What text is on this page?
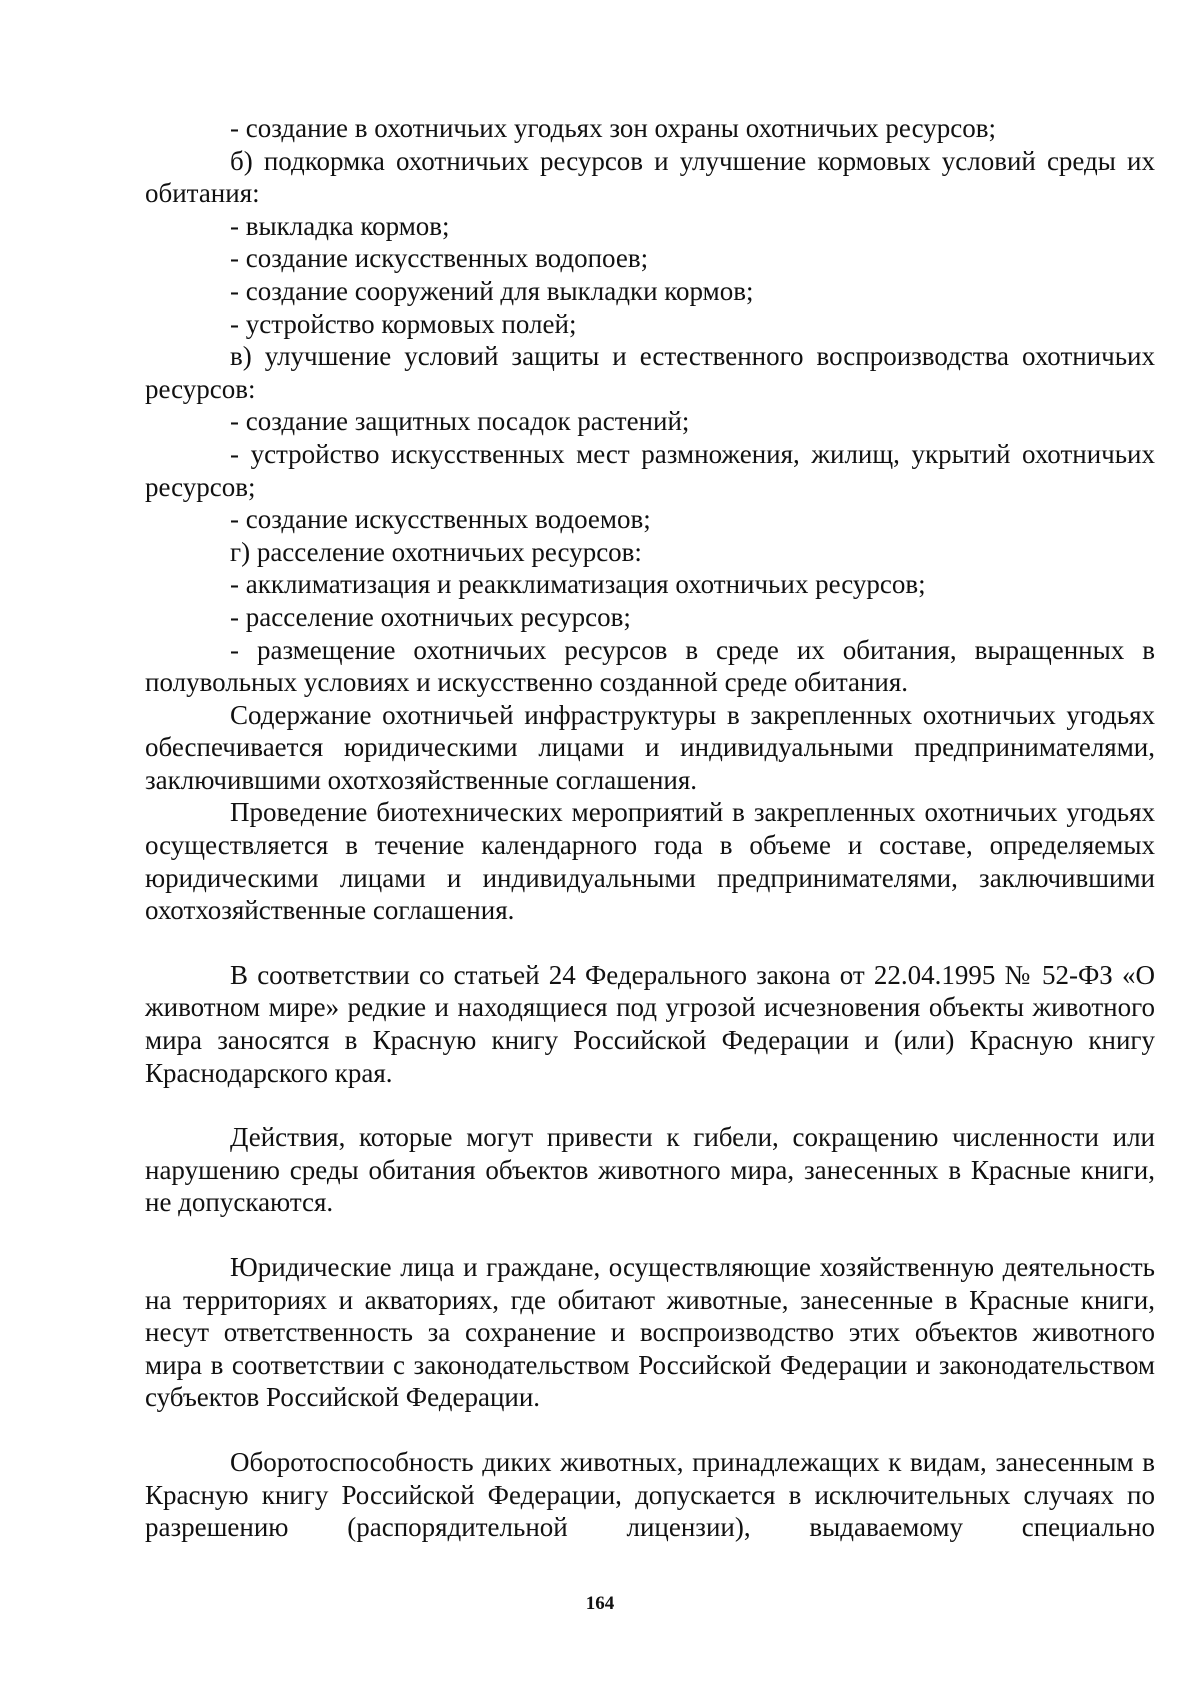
- создание в охотничьих угодьях зон охраны охотничьих ресурсов;

б) подкормка охотничьих ресурсов и улучшение кормовых условий среды их обитания:

- выкладка кормов;

- создание искусственных водопоев;

- создание сооружений для выкладки кормов;

- устройство кормовых полей;

в) улучшение условий защиты и естественного воспроизводства охотничьих ресурсов:

- создание защитных посадок растений;

- устройство искусственных мест размножения, жилищ, укрытий охотничьих ресурсов;

- создание искусственных водоемов;

г) расселение охотничьих ресурсов:

- акклиматизация и реакклиматизация охотничьих ресурсов;

- расселение охотничьих ресурсов;

- размещение охотничьих ресурсов в среде их обитания, выращенных в полувольных условиях и искусственно созданной среде обитания.

Содержание охотничьей инфраструктуры в закрепленных охотничьих угодьях обеспечивается юридическими лицами и индивидуальными предпринимателями, заключившими охотхозяйственные соглашения.

Проведение биотехнических мероприятий в закрепленных охотничьих угодьях осуществляется в течение календарного года в объеме и составе, определяемых юридическими лицами и индивидуальными предпринимателями, заключившими охотхозяйственные соглашения.

В соответствии со статьей 24 Федерального закона от 22.04.1995 № 52-ФЗ «О животном мире» редкие и находящиеся под угрозой исчезновения объекты животного мира заносятся в Красную книгу Российской Федерации и (или) Красную книгу Краснодарского края.

Действия, которые могут привести к гибели, сокращению численности или нарушению среды обитания объектов животного мира, занесенных в Красные книги, не допускаются.

Юридические лица и граждане, осуществляющие хозяйственную деятельность на территориях и акваториях, где обитают животные, занесенные в Красные книги, несут ответственность за сохранение и воспроизводство этих объектов животного мира в соответствии с законодательством Российской Федерации и законодательством субъектов Российской Федерации.

Оборотоспособность диких животных, принадлежащих к видам, занесенным в Красную книгу Российской Федерации, допускается в исключительных случаях по разрешению (распорядительной лицензии), выдаваемому специально

164
